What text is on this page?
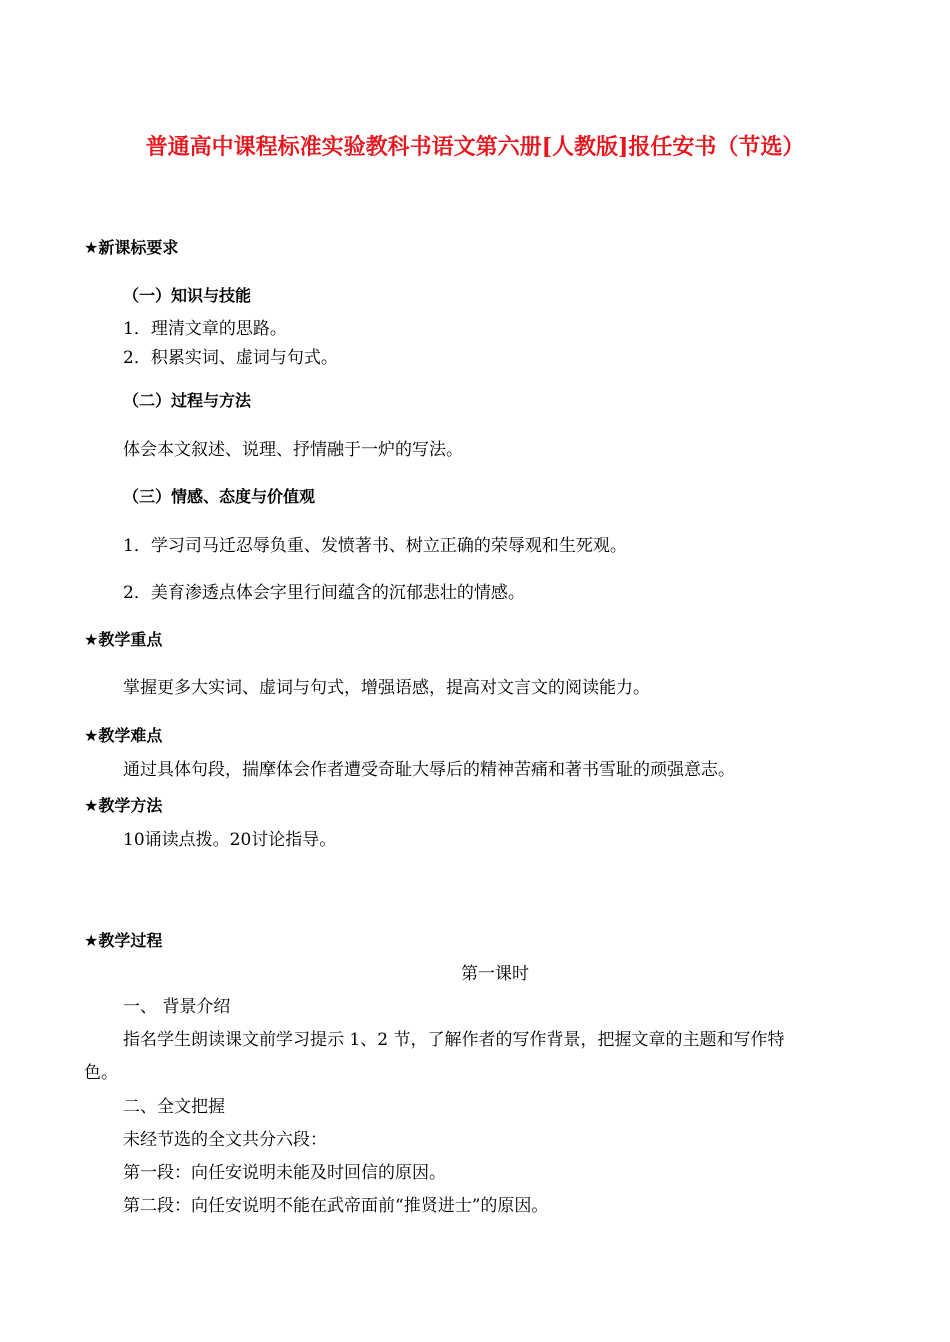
普通高中课程标准实验教科书语文第六册[人教版]报任安书（节选）
★新课标要求
（一）知识与技能
1．理清文章的思路。
2．积累实词、虚词与句式。
（二）过程与方法
体会本文叙述、说理、抒情融于一炉的写法。
（三）情感、态度与价值观
1．学习司马迁忍辱负重、发愤著书、树立正确的荣辱观和生死观。
2．美育渗透点体会字里行间蕴含的沉郁悲壮的情感。
★教学重点
掌握更多大实词、虚词与句式，增强语感，提高对文言文的阅读能力。
★教学难点
通过具体句段，揣摩体会作者遭受奇耻大辱后的精神苦痛和著书雪耻的顽强意志。
★教学方法
10诵读点拨。20讨论指导。
★教学过程
第一课时
一、 背景介绍
指名学生朗读课文前学习提示 1、2 节，了解作者的写作背景，把握文章的主题和写作特
色。
二、全文把握
未经节选的全文共分六段：
第一段：向任安说明未能及时回信的原因。
第二段：向任安说明不能在武帝面前“推贤进士”的原因。
